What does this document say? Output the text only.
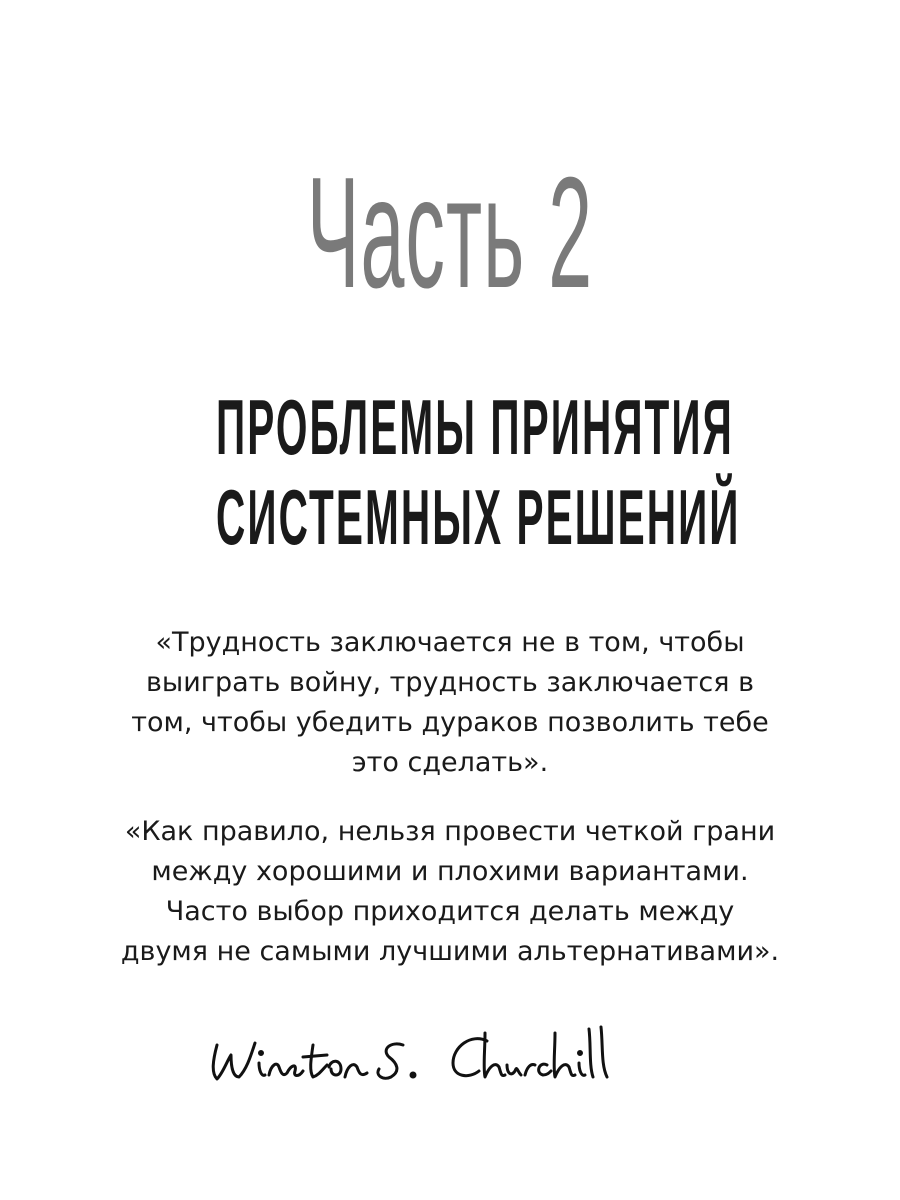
Часть 2
ПРОБЛЕМЫ ПРИНЯТИЯ
СИСТЕМНЫХ РЕШЕНИЙ

«Трудность заключается не в том, чтобы выиграть войну, трудность заключается в том, чтобы убедить дураков позволить тебе это сделать».

«Как правило, нельзя провести четкой грани между хорошими и плохими вариантами. Часто выбор приходится делать между двумя не самыми лучшими альтернативами».
